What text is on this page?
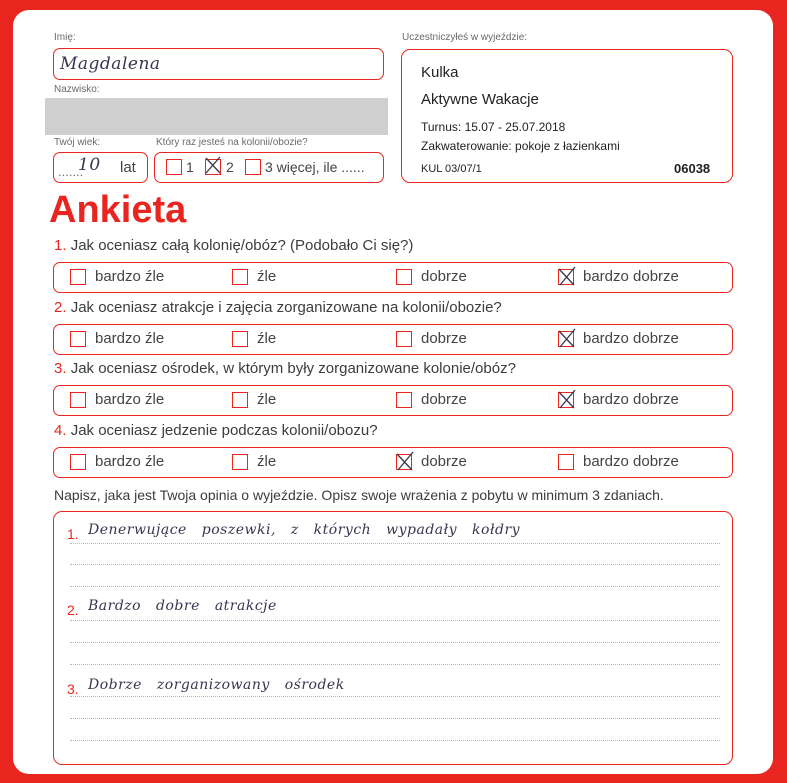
Imię:
Magdalena
Nazwisko:
Twój wiek:
.......
10 lat
Który raz jesteś na kolonii/obozie?
1 2 3 więcej, ile ......
Uczestniczyłeś w wyjeździe:
Kulka
Aktywne Wakacje
Turnus: 15.07 - 25.07.2018
Zakwaterowanie: pokoje z łazienkami
KUL 03/07/1	06038
Ankieta
1. Jak oceniasz całą kolonię/obóz? (Podobało Ci się?)
bardzo źle	źle	dobrze	bardzo dobrze
2. Jak oceniasz atrakcje i zajęcia zorganizowane na kolonii/obozie?
bardzo źle	źle	dobrze	bardzo dobrze
3. Jak oceniasz ośrodek, w którym były zorganizowane kolonie/obóz?
bardzo źle	źle	dobrze	bardzo dobrze
4. Jak oceniasz jedzenie podczas kolonii/obozu?
bardzo źle	źle	dobrze	bardzo dobrze
Napisz, jaka jest Twoja opinia o wyjeździe. Opisz swoje wrażenia z pobytu w minimum 3 zdaniach.
1. Denerwujące poszewki, z których wypadały kołdry
2. Bardzo dobre atrakcje
3. Dobrze zorganizowany ośrodek
